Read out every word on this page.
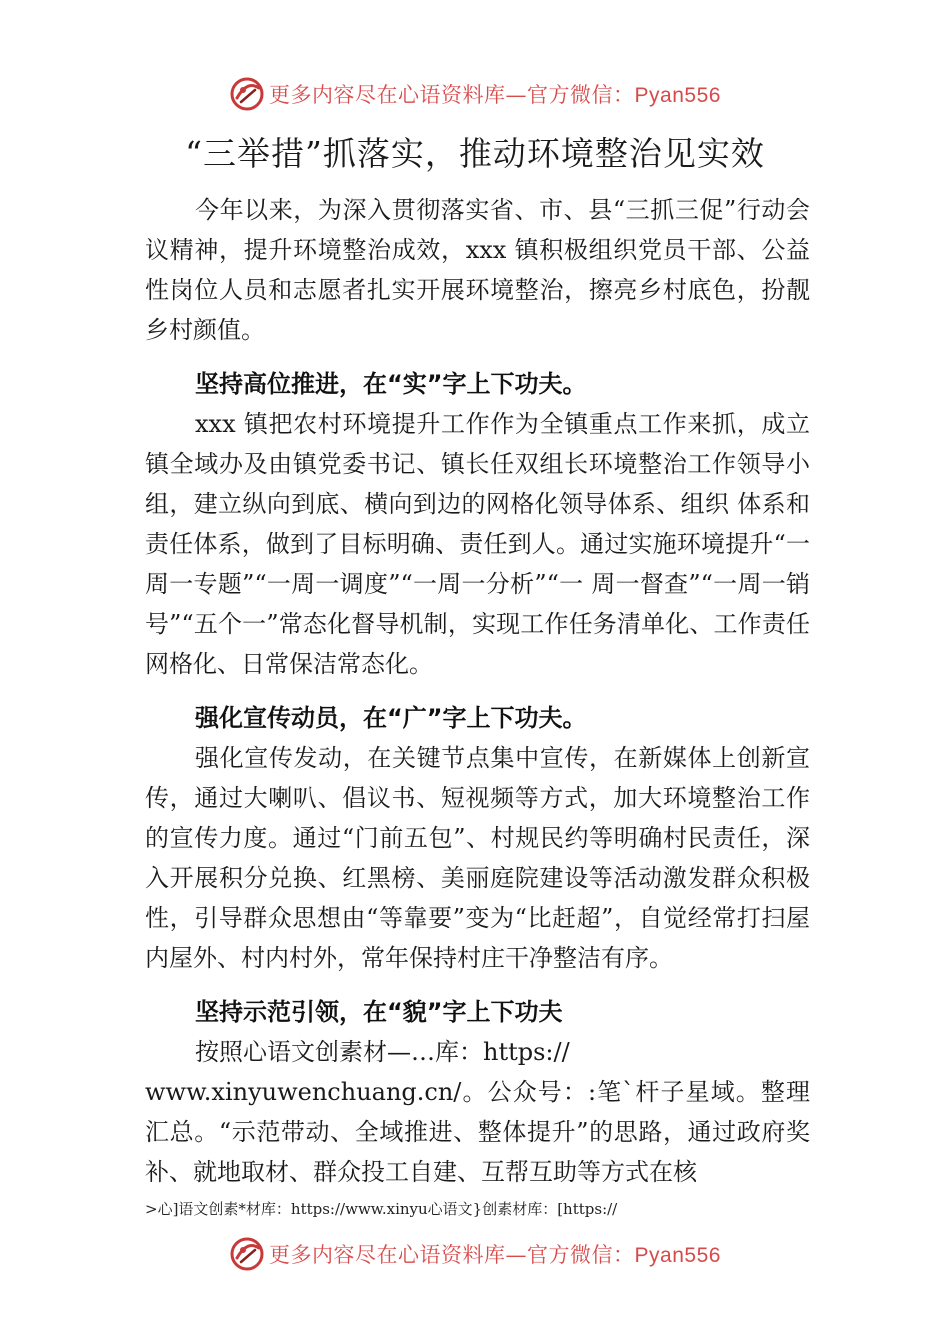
更多内容尽在心语资料库—官方微信：Pyan556
“三举措”抓落实，推动环境整治见实效

今年以来，为深入贯彻落实省、市、县“三抓三促”行动会议精神，提升环境整治成效，xxx 镇积极组织党员干部、公益性岗位人员和志愿者扎实开展环境整治，擦亮乡村底色，扮靓乡村颜值。

坚持高位推进，在“实”字上下功夫。

xxx 镇把农村环境提升工作作为全镇重点工作来抓，成立镇全域办及由镇党委书记、镇长任双组长环境整治工作领导小组，建立纵向到底、横向到边的网格化领导体系、组织 体系和责任体系，做到了目标明确、责任到人。通过实施环境提升“一周一专题”“一周一调度”“一周一分析”“一 周一督查”“一周一销号”“五个一”常态化督导机制，实现工作任务清单化、工作责任网格化、日常保洁常态化。

强化宣传动员，在“广”字上下功夫。

强化宣传发动，在关键节点集中宣传，在新媒体上创新宣传，通过大喇叭、倡议书、短视频等方式，加大环境整治工作的宣传力度。通过“门前五包”、村规民约等明确村民责任，深入开展积分兑换、红黑榜、美丽庭院建设等活动激发群众积极性，引导群众思想由“等靠要”变为“比赶超”，自觉经常打扫屋内屋外、村内村外，常年保持村庄干净整洁有序。

坚持示范引领，在“貌”字上下功夫

按照心语文创素材—…库：https://

www.xinyuwenchuang.cn/。公众号：:笔`杆子星域。整理汇总。“示范带动、全域推进、整体提升”的思路，通过政府奖补、就地取材、群众投工自建、互帮互助等方式在核

>心]语文创素*材库：https://www.xinyu心语文}创素材库：[https://
更多内容尽在心语资料库—官方微信：Pyan556
